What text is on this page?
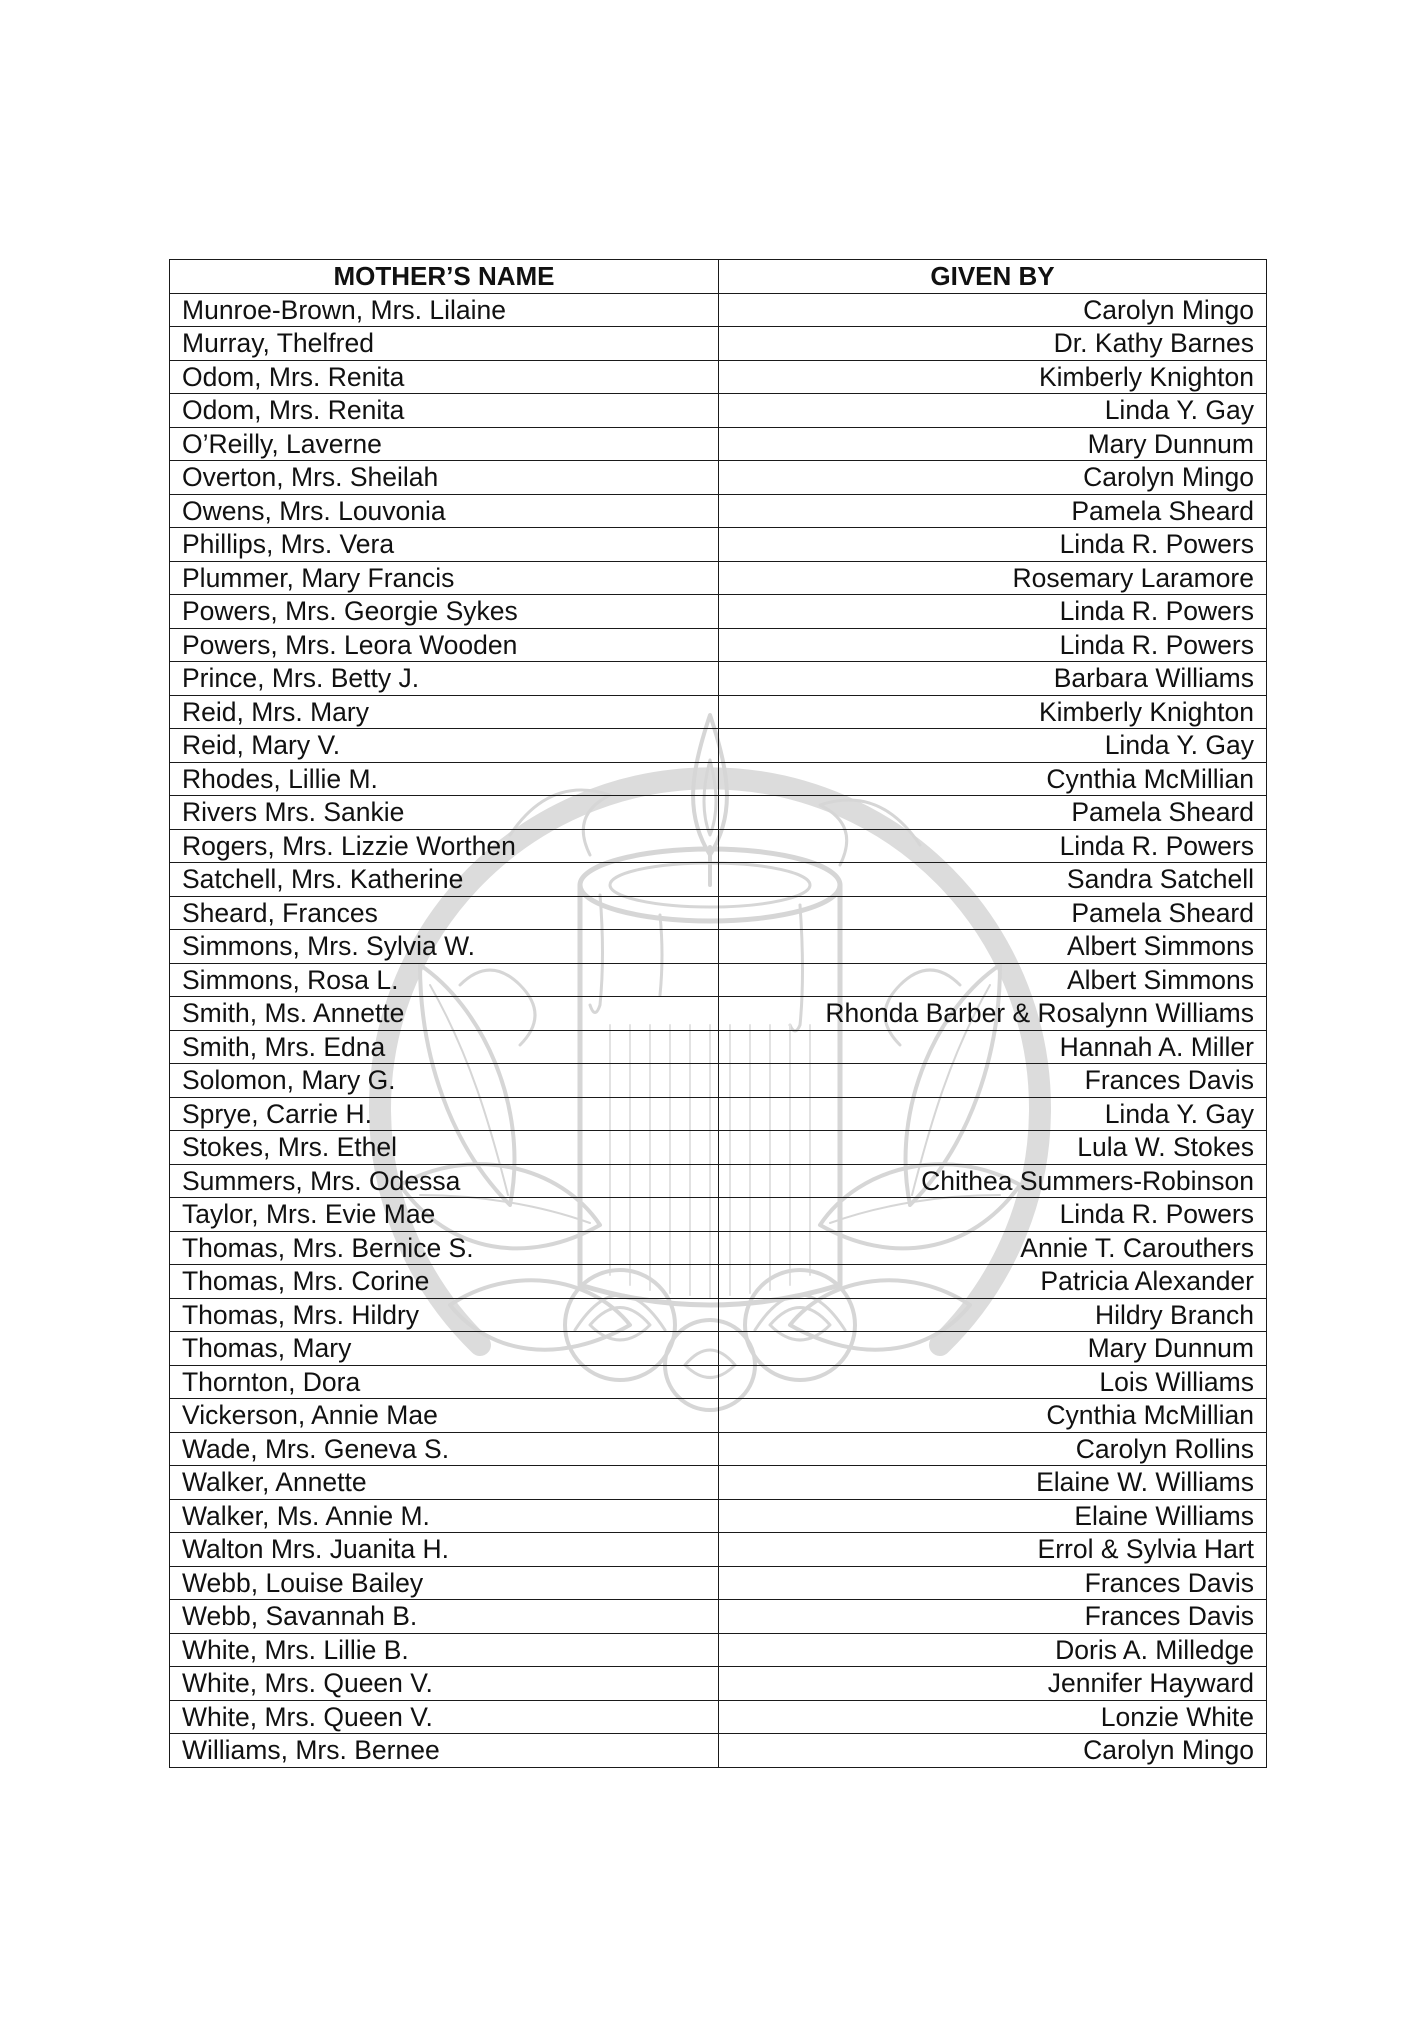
MOTHER’S NAME	GIVEN BY
Munroe-Brown, Mrs. Lilaine	Carolyn Mingo
Murray, Thelfred	Dr. Kathy Barnes
Odom, Mrs. Renita	Kimberly Knighton
Odom, Mrs. Renita	Linda Y. Gay
O’Reilly, Laverne	Mary Dunnum
Overton, Mrs. Sheilah	Carolyn Mingo
Owens, Mrs. Louvonia	Pamela Sheard
Phillips, Mrs. Vera	Linda R. Powers
Plummer, Mary Francis	Rosemary Laramore
Powers, Mrs. Georgie Sykes	Linda R. Powers
Powers, Mrs. Leora Wooden	Linda R. Powers
Prince, Mrs. Betty J.	Barbara Williams
Reid, Mrs. Mary	Kimberly Knighton
Reid, Mary V.	Linda Y. Gay
Rhodes, Lillie M.	Cynthia McMillian
Rivers Mrs. Sankie	Pamela Sheard
Rogers, Mrs. Lizzie Worthen	Linda R. Powers
Satchell, Mrs. Katherine	Sandra Satchell
Sheard, Frances	Pamela Sheard
Simmons, Mrs. Sylvia W.	Albert Simmons
Simmons, Rosa L.	Albert Simmons
Smith, Ms. Annette	Rhonda Barber & Rosalynn Williams
Smith, Mrs. Edna	Hannah A. Miller
Solomon, Mary G.	Frances Davis
Sprye, Carrie H.	Linda Y. Gay
Stokes, Mrs. Ethel	Lula W. Stokes
Summers, Mrs. Odessa	Chithea Summers-Robinson
Taylor, Mrs. Evie Mae	Linda R. Powers
Thomas, Mrs. Bernice S.	Annie T. Carouthers
Thomas, Mrs. Corine	Patricia Alexander
Thomas, Mrs. Hildry	Hildry Branch
Thomas, Mary	Mary Dunnum
Thornton, Dora	Lois Williams
Vickerson, Annie Mae	Cynthia McMillian
Wade, Mrs. Geneva S.	Carolyn Rollins
Walker, Annette	Elaine W. Williams
Walker, Ms. Annie M.	Elaine Williams
Walton Mrs. Juanita H.	Errol & Sylvia Hart
Webb, Louise Bailey	Frances Davis
Webb, Savannah B.	Frances Davis
White, Mrs. Lillie B.	Doris A. Milledge
White, Mrs. Queen V.	Jennifer Hayward
White, Mrs. Queen V.	Lonzie White
Williams, Mrs. Bernee	Carolyn Mingo
